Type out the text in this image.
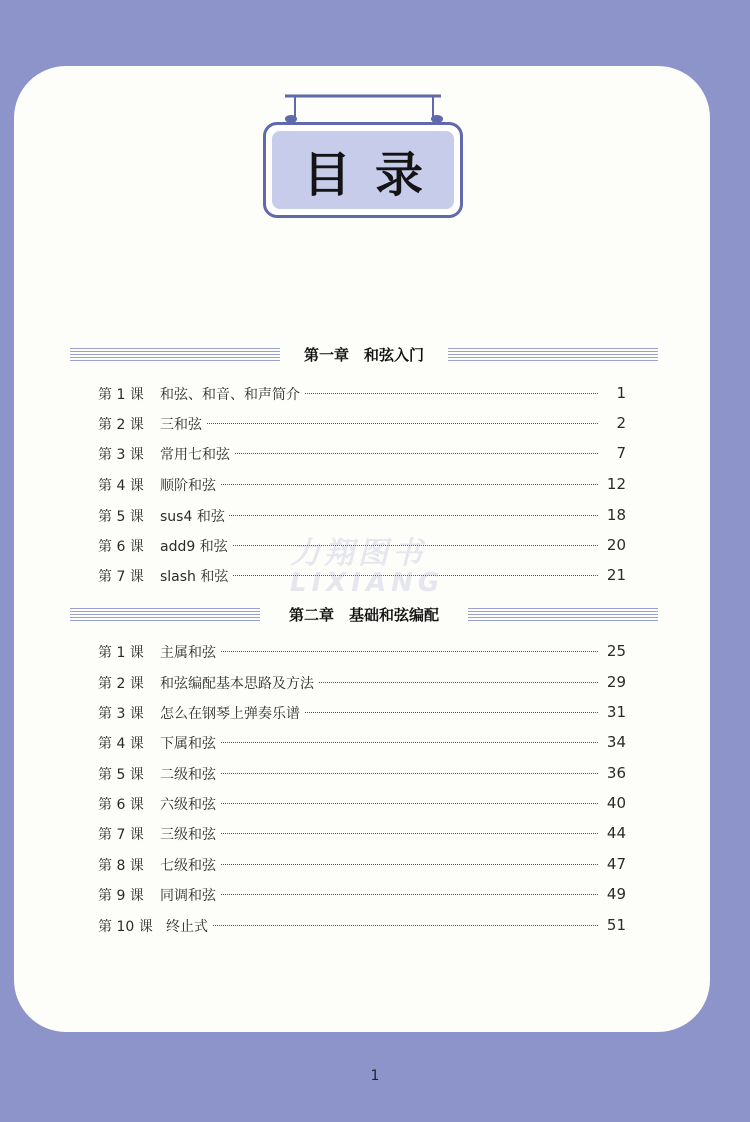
目录
第一章　和弦入门
第 1 课 和弦、和音、和声简介	1
第 2 课 三和弦	2
第 3 课 常用七和弦	7
第 4 课 顺阶和弦	12
第 5 课 sus4 和弦	18
第 6 课 add9 和弦	20
第 7 课 slash 和弦	21
第二章　基础和弦编配
第 1 课 主属和弦	25
第 2 课 和弦编配基本思路及方法	29
第 3 课 怎么在钢琴上弹奏乐谱	31
第 4 课 下属和弦	34
第 5 课 二级和弦	36
第 6 课 六级和弦	40
第 7 课 三级和弦	44
第 8 课 七级和弦	47
第 9 课 同调和弦	49
第 10 课 终止式	51
力翔图书
LIXIANG
1
